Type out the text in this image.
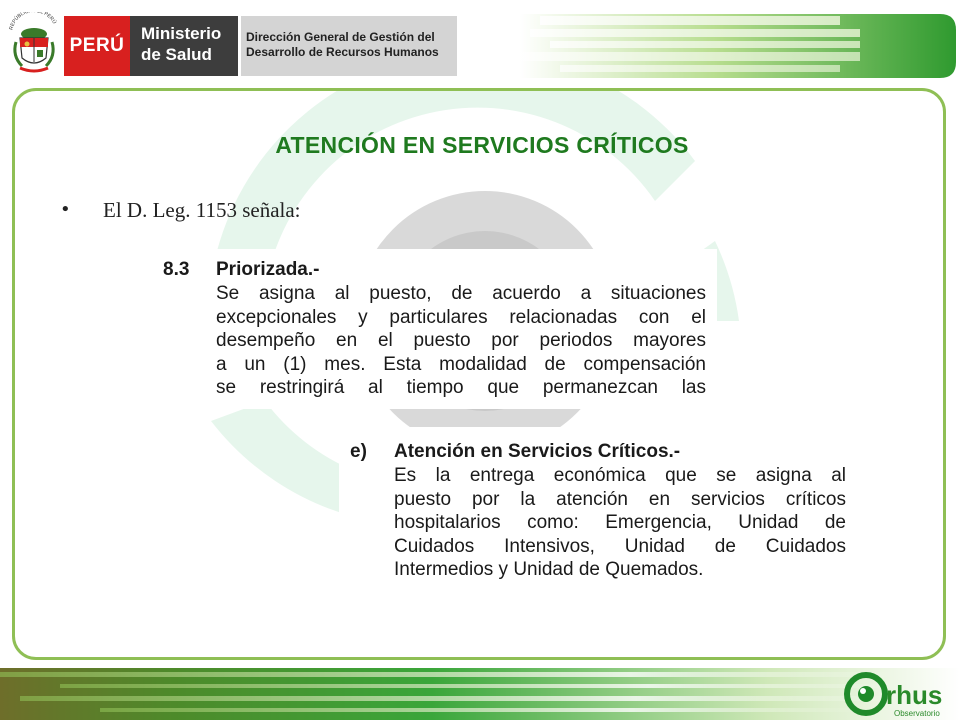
REPÚBLIC L PERÚ
PERÚ
Ministerio
de Salud
Dirección General de Gestión del
Desarrollo de Recursos Humanos
ATENCIÓN EN SERVICIOS CRÍTICOS
• El D. Leg. 1153 señala:
8.3 Priorizada.-
Se asigna al puesto, de acuerdo a situaciones
excepcionales y particulares relacionadas con el
desempeño en el puesto por periodos mayores
a un (1) mes. Esta modalidad de compensación
se restringirá al tiempo que permanezcan las
e) Atención en Servicios Críticos.-
Es la entrega económica que se asigna al
puesto por la atención en servicios críticos
hospitalarios como: Emergencia, Unidad de
Cuidados Intensivos, Unidad de Cuidados
Intermedios y Unidad de Quemados.
rhus
Observatorio
